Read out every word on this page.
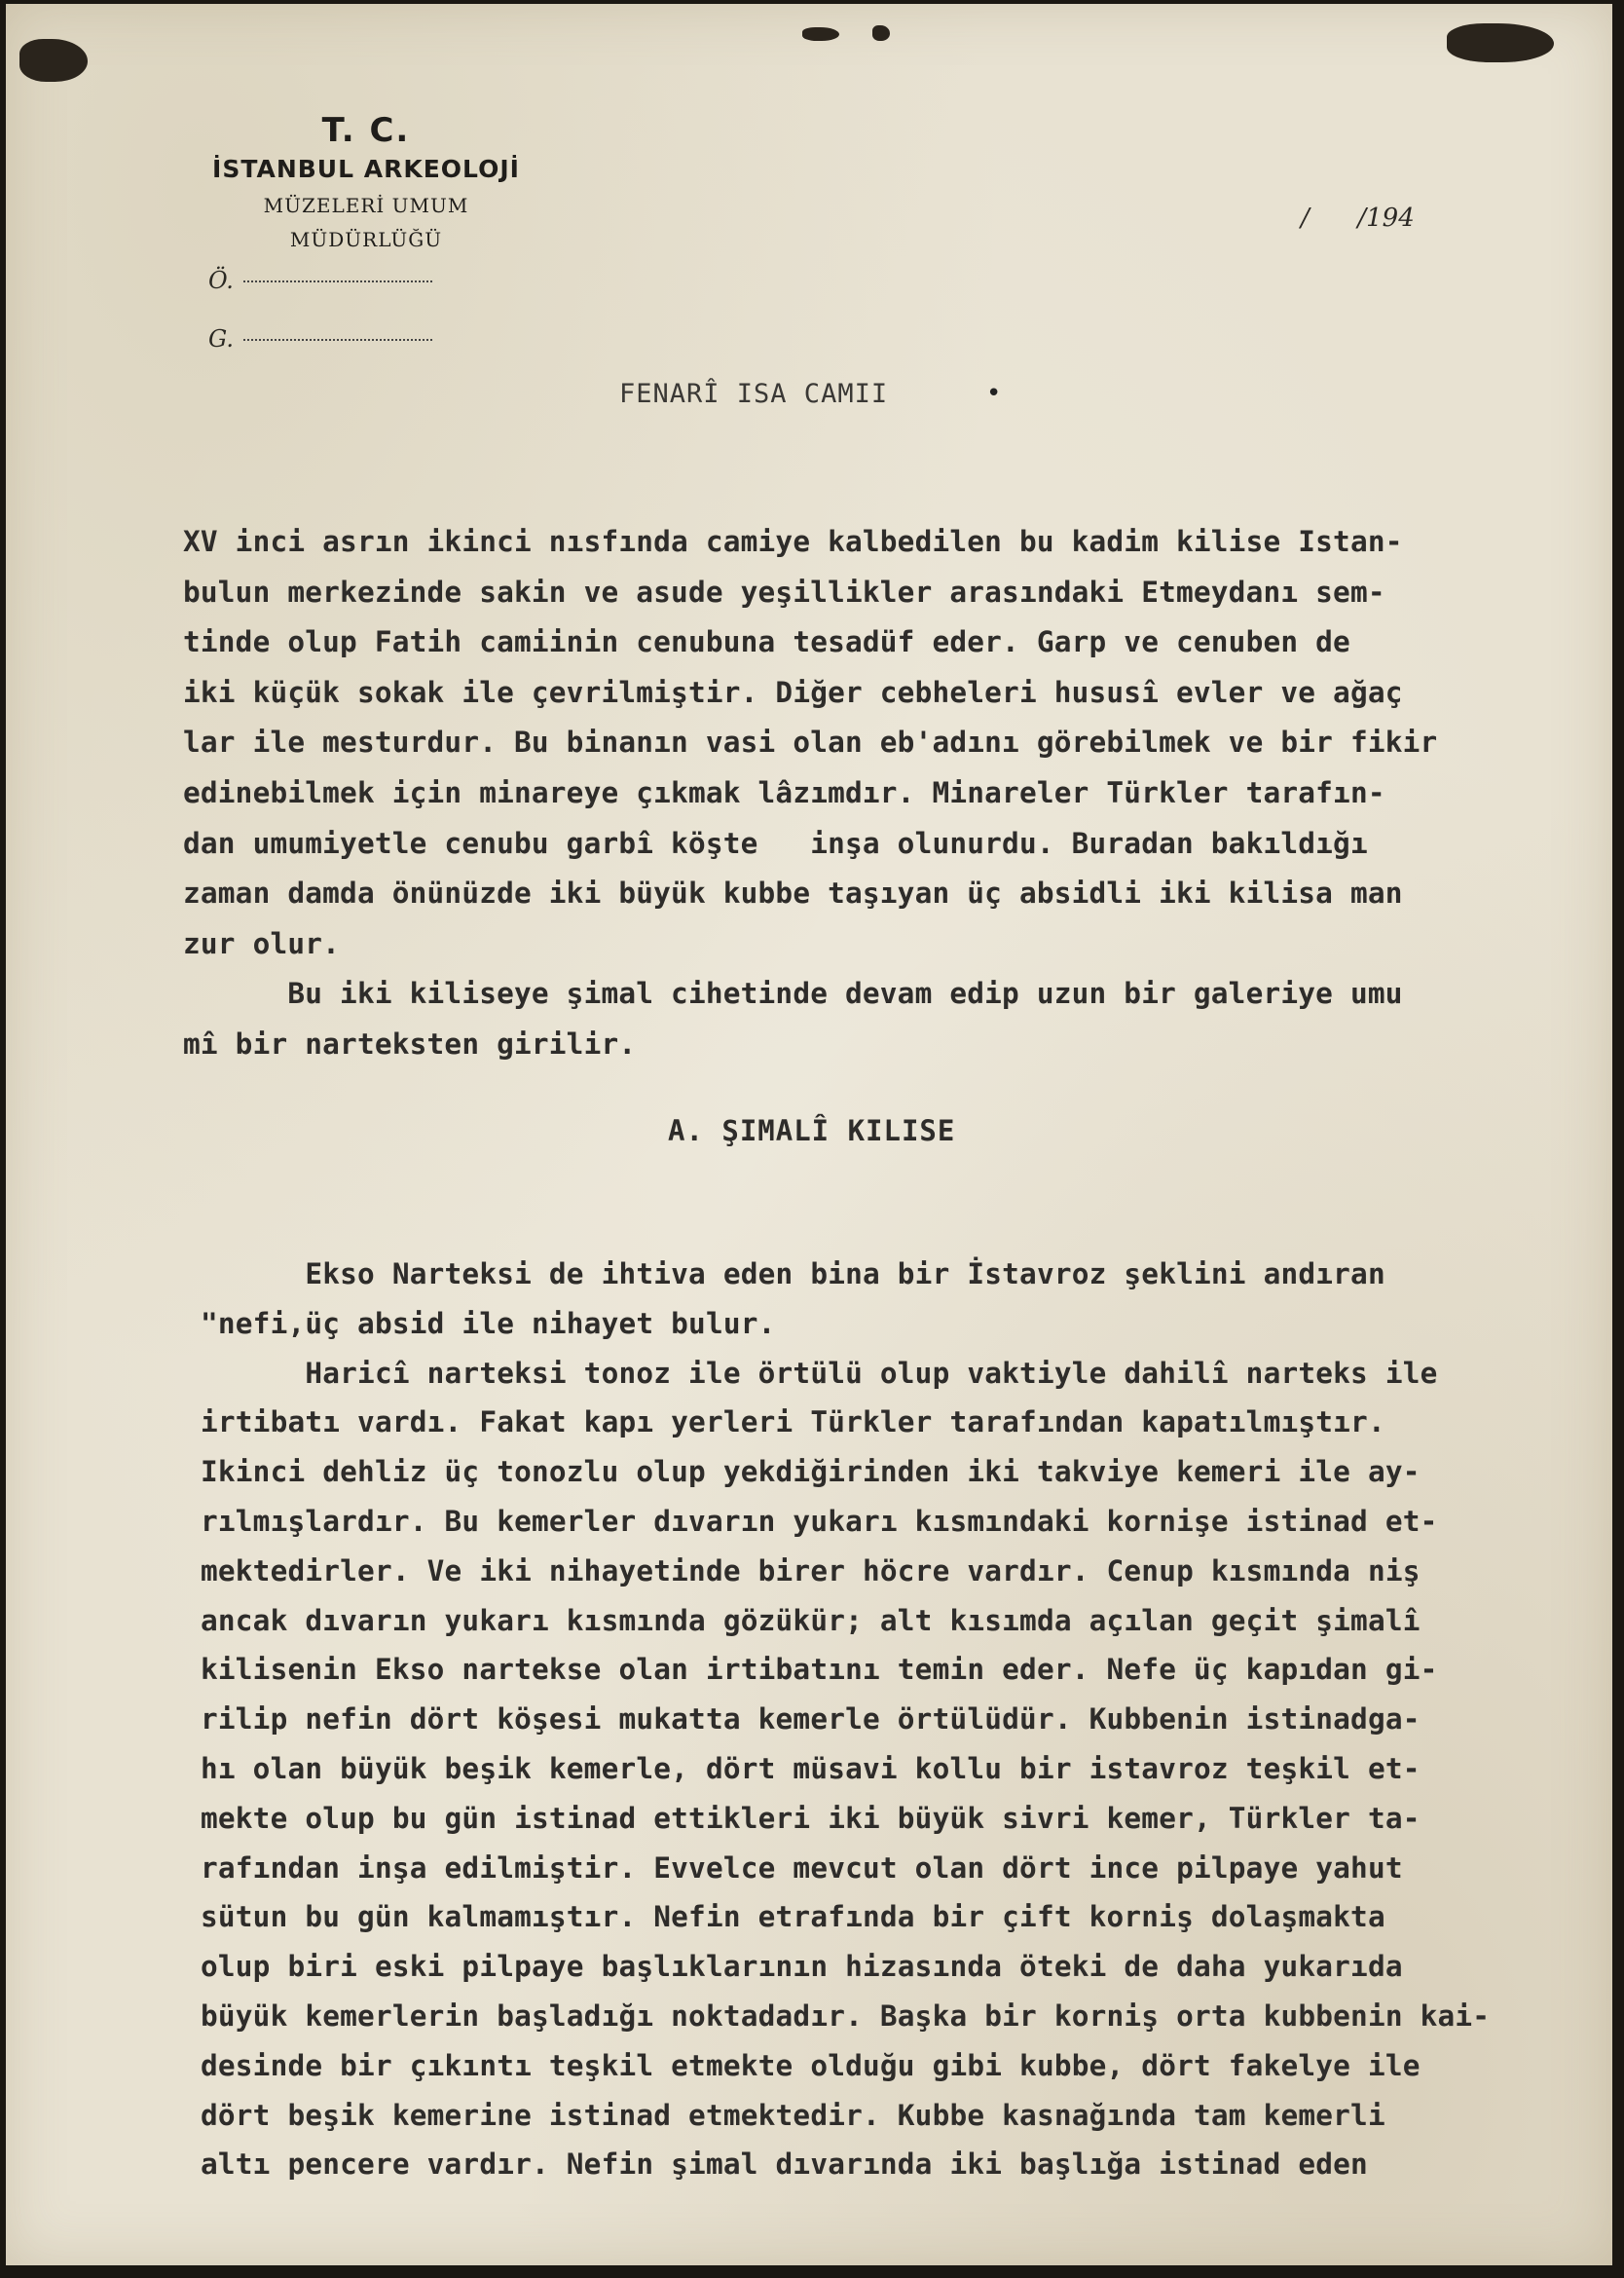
T. C.
İSTANBUL ARKEOLOJİ
MÜZELERİ UMUM
MÜDÜRLÜĞÜ
Ö.
G.
/      /194
FENARÎ ISA CAMII	•
XV inci asrın ikinci nısfında camiye kalbedilen bu kadim kilise Istan-
bulun merkezinde sakin ve asude yeşillikler arasındaki Etmeydanı sem-
tinde olup Fatih camiinin cenubuna tesadüf eder. Garp ve cenuben de
iki küçük sokak ile çevrilmiştir. Diğer cebheleri hususî evler ve ağaç
lar ile mesturdur. Bu binanın vasi olan eb'adını görebilmek ve bir fikir
edinebilmek için minareye çıkmak lâzımdır. Minareler Türkler tarafın-
dan umumiyetle cenubu garbî köşte   inşa olunurdu. Buradan bakıldığı
zaman damda önünüzde iki büyük kubbe taşıyan üç absidli iki kilisa man
zur olur.
Bu iki kiliseye şimal cihetinde devam edip uzun bir galeriye umu
mî bir narteksten girilir.
A. ŞIMALÎ KILISE
Ekso Narteksi de ihtiva eden bina bir İstavroz şeklini andıran
"nefi,üç absid ile nihayet bulur.
Haricî narteksi tonoz ile örtülü olup vaktiyle dahilî narteks ile
irtibatı vardı. Fakat kapı yerleri Türkler tarafından kapatılmıştır.
Ikinci dehliz üç tonozlu olup yekdiğirinden iki takviye kemeri ile ay-
rılmışlardır. Bu kemerler dıvarın yukarı kısmındaki kornişe istinad et-
mektedirler. Ve iki nihayetinde birer höcre vardır. Cenup kısmında niş
ancak dıvarın yukarı kısmında gözükür; alt kısımda açılan geçit şimalî
kilisenin Ekso nartekse olan irtibatını temin eder. Nefe üç kapıdan gi-
rilip nefin dört köşesi mukatta kemerle örtülüdür. Kubbenin istinadga-
hı olan büyük beşik kemerle, dört müsavi kollu bir istavroz teşkil et-
mekte olup bu gün istinad ettikleri iki büyük sivri kemer, Türkler ta-
rafından inşa edilmiştir. Evvelce mevcut olan dört ince pilpaye yahut
sütun bu gün kalmamıştır. Nefin etrafında bir çift korniş dolaşmakta
olup biri eski pilpaye başlıklarının hizasında öteki de daha yukarıda
büyük kemerlerin başladığı noktadadır. Başka bir korniş orta kubbenin kai-
desinde bir çıkıntı teşkil etmekte olduğu gibi kubbe, dört fakelye ile
dört beşik kemerine istinad etmektedir. Kubbe kasnağında tam kemerli
altı pencere vardır. Nefin şimal dıvarında iki başlığa istinad eden
